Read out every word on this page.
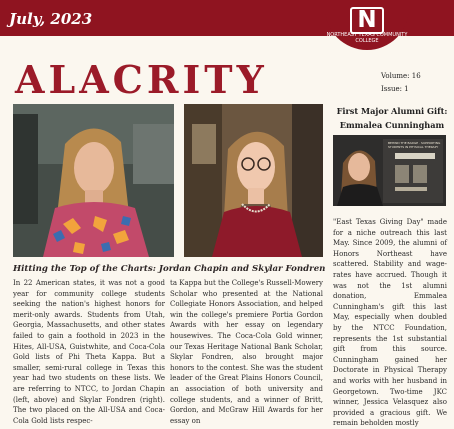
July, 2023	N
NORTHEAST TEXAS COMMUNITY COLLEGE
ALACRITY	Volume: 16
Issue: 1
Hitting the Top of the Charts: Jordan Chapin and Skylar Fondren

In 22 American states, it was not a good year for community college students seeking the nation's highest honors for merit-only awards. Students from Utah, Georgia, Massachusetts, and other states failed to gain a foothold in 2023 in the Hites, All-USA, Guistwhite, and Coca-Cola Gold lists of Phi Theta Kappa. But a smaller, semi-rural college in Texas this year had two students on these lists. We are referring to NTCC, to Jordan Chapin (left, above) and Skylar Fondren (right). The two placed on the All-USA and Coca-Cola Gold lists respec-

ta Kappa but the College's Russell-Mowery Scholar who presented at the National Collegiate Honors Association, and helped win the college's premiere Portia Gordon Awards with her essay on legendary housewives. The Coca-Cola Gold winner, our Texas Heritage National Bank Scholar, Skylar Fondren, also brought major honors to the contest. She was the student leader of the Great Plains Honors Council, an association of both university and college students, and a winner of Britt, Gordon, and McGraw Hill Awards for her essay on

First Major Alumni Gift: Emmalea Cunningham
BEHIND THE BADGE · SUPPORTING STUDENTS IN PHYSICAL THERAPY
"East Texas Giving Day" made for a niche outreach this last May. Since 2009, the alumni of Honors Northeast have scattered. Stability and wage-rates have accrued. Though it was not the 1st alumni donation, Emmalea Cunningham's gift this last May, especially when doubled by the NTCC Foundation, represents the 1st substantial gift from this source. Cunningham gained her Doctorate in Physical Therapy and works with her husband in Georgetown. Two-time JKC winner, Jessica Velasquez also provided a gracious gift. We remain beholden mostly
